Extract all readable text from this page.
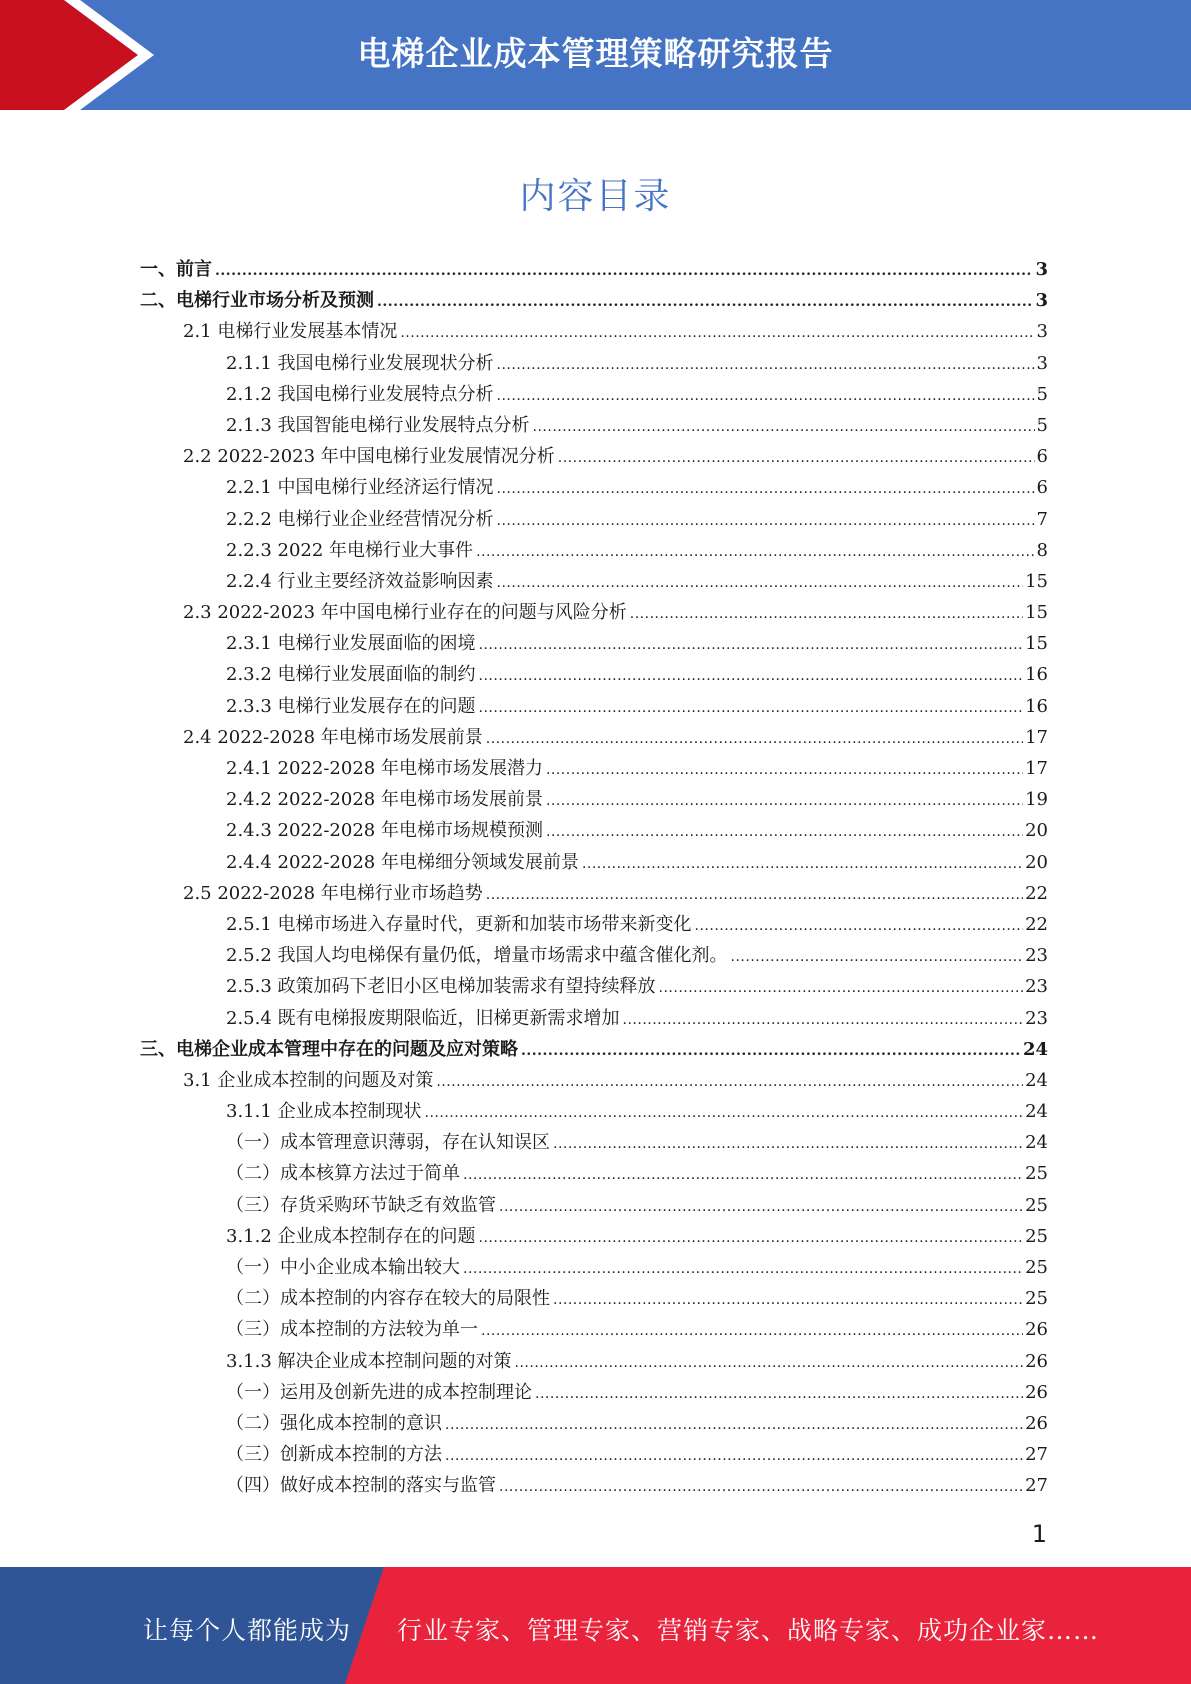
电梯企业成本管理策略研究报告
内容目录
一、前言 .....	3
二、电梯行业市场分析及预测 .....	3
2.1 电梯行业发展基本情况 .....	3
2.1.1 我国电梯行业发展现状分析 .....	3
2.1.2 我国电梯行业发展特点分析 .....	5
2.1.3 我国智能电梯行业发展特点分析 .....	5
2.2 2022-2023 年中国电梯行业发展情况分析 .....	6
2.2.1 中国电梯行业经济运行情况 .....	6
2.2.2 电梯行业企业经营情况分析 .....	7
2.2.3 2022 年电梯行业大事件 .....	8
2.2.4 行业主要经济效益影响因素 .....	15
2.3 2022-2023 年中国电梯行业存在的问题与风险分析 .....	15
2.3.1 电梯行业发展面临的困境 .....	15
2.3.2 电梯行业发展面临的制约 .....	16
2.3.3 电梯行业发展存在的问题 .....	16
2.4 2022-2028 年电梯市场发展前景 .....	17
2.4.1 2022-2028 年电梯市场发展潜力 .....	17
2.4.2 2022-2028 年电梯市场发展前景 .....	19
2.4.3 2022-2028 年电梯市场规模预测 .....	20
2.4.4 2022-2028 年电梯细分领域发展前景 .....	20
2.5 2022-2028 年电梯行业市场趋势 .....	22
2.5.1 电梯市场进入存量时代，更新和加装市场带来新变化 .....	22
2.5.2 我国人均电梯保有量仍低，增量市场需求中蕴含催化剂。 .....	23
2.5.3 政策加码下老旧小区电梯加装需求有望持续释放 .....	23
2.5.4 既有电梯报废期限临近，旧梯更新需求增加 .....	23
三、电梯企业成本管理中存在的问题及应对策略 .....	24
3.1 企业成本控制的问题及对策 .....	24
3.1.1 企业成本控制现状 .....	24
（一）成本管理意识薄弱，存在认知误区 .....	24
（二）成本核算方法过于简单 .....	25
（三）存货采购环节缺乏有效监管 .....	25
3.1.2 企业成本控制存在的问题 .....	25
（一）中小企业成本输出较大 .....	25
（二）成本控制的内容存在较大的局限性 .....	25
（三）成本控制的方法较为单一 .....	26
3.1.3 解决企业成本控制问题的对策 .....	26
（一）运用及创新先进的成本控制理论 .....	26
（二）强化成本控制的意识 .....	26
（三）创新成本控制的方法 .....	27
（四）做好成本控制的落实与监管 .....	27
1
让每个人都能成为 行业专家、管理专家、营销专家、战略专家、成功企业家……
